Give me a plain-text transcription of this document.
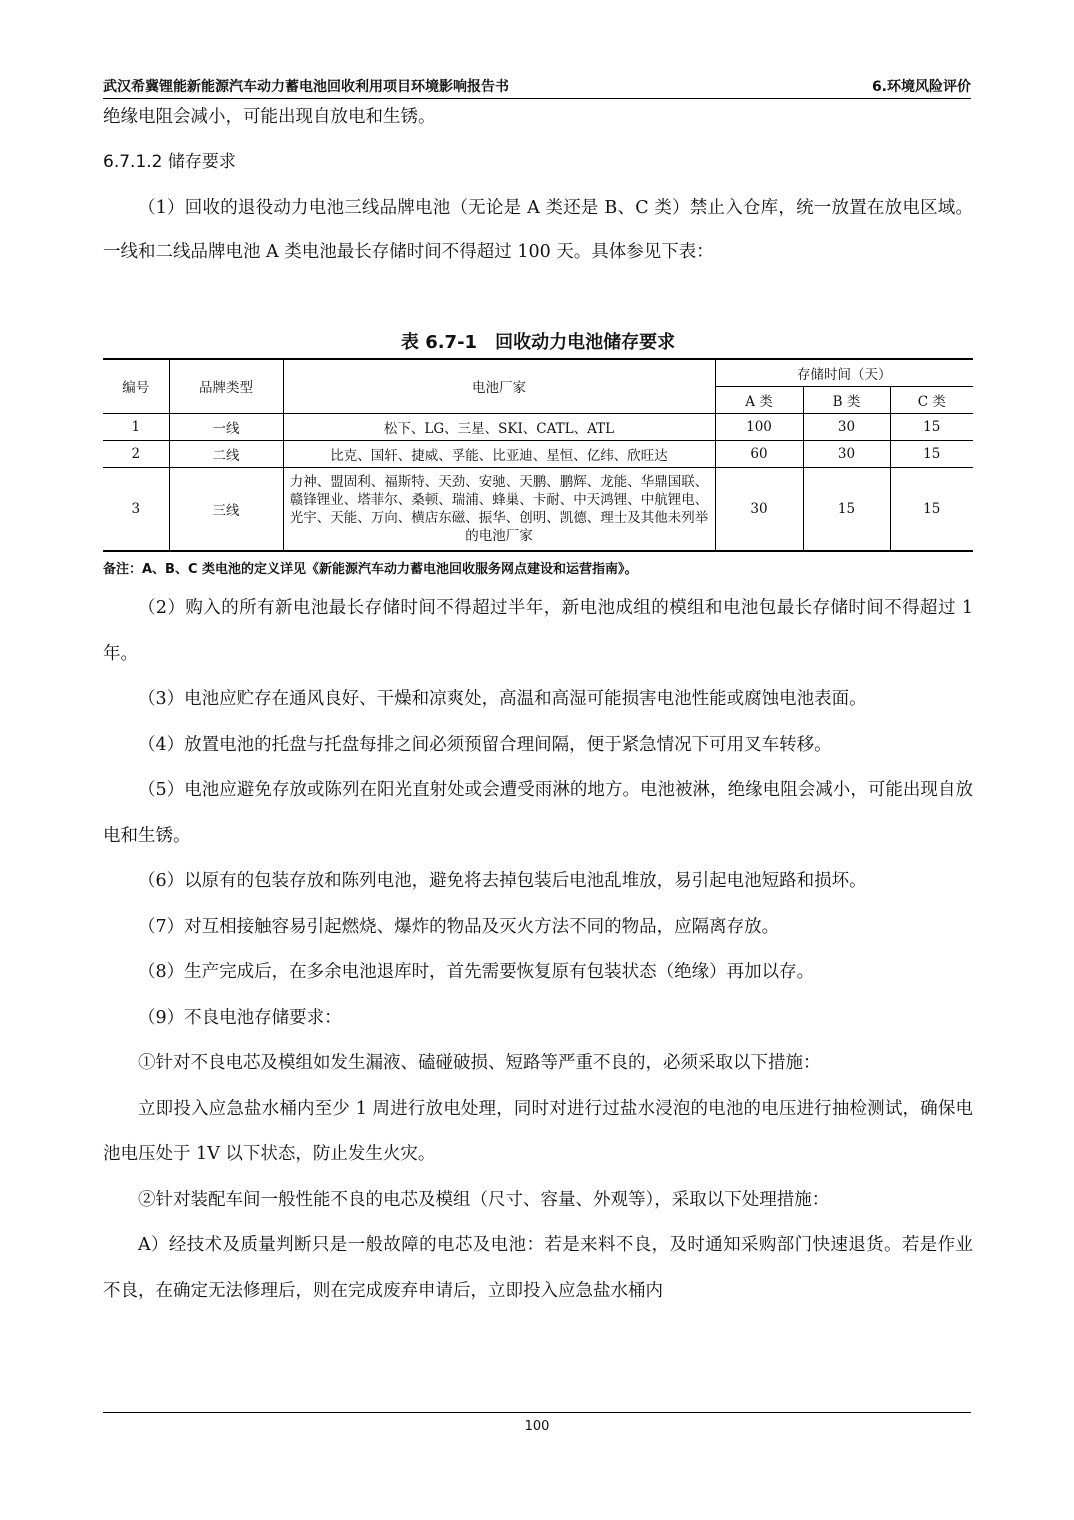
武汉希冀锂能新能源汽车动力蓄电池回收利用项目环境影响报告书	6.环境风险评价

绝缘电阻会减小，可能出现自放电和生锈。

6.7.1.2 储存要求

（1）回收的退役动力电池三线品牌电池（无论是 A 类还是 B、C 类）禁止入仓库，统一放置在放电区域。一线和二线品牌电池 A 类电池最长存储时间不得超过 100 天。具体参见下表：

表 6.7-1　回收动力电池储存要求
编号	品牌类型	电池厂家	存储时间（天）		
			A 类	B 类	C 类
1	一线	松下、LG、三星、SKI、CATL、ATL	100	30	15
2	二线	比克、国轩、捷威、孚能、比亚迪、星恒、亿纬、欣旺达	60	30	15
3	三线	力神、盟固利、福斯特、天劲、安驰、天鹏、鹏辉、龙能、华鼎国联、赣锋锂业、塔菲尔、桑顿、瑞浦、蜂巢、卡耐、中天鸿锂、中航锂电、光宇、天能、万向、横店东磁、振华、创明、凯德、理士及其他未列举的电池厂家	30	15	15
备注：A、B、C 类电池的定义详见《新能源汽车动力蓄电池回收服务网点建设和运营指南》。

（2）购入的所有新电池最长存储时间不得超过半年，新电池成组的模组和电池包最长存储时间不得超过 1 年。

（3）电池应贮存在通风良好、干燥和凉爽处，高温和高湿可能损害电池性能或腐蚀电池表面。

（4）放置电池的托盘与托盘每排之间必须预留合理间隔，便于紧急情况下可用叉车转移。

（5）电池应避免存放或陈列在阳光直射处或会遭受雨淋的地方。电池被淋，绝缘电阻会减小，可能出现自放电和生锈。

（6）以原有的包装存放和陈列电池，避免将去掉包装后电池乱堆放，易引起电池短路和损坏。

（7）对互相接触容易引起燃烧、爆炸的物品及灭火方法不同的物品，应隔离存放。

（8）生产完成后，在多余电池退库时，首先需要恢复原有包装状态（绝缘）再加以存。

（9）不良电池存储要求：

①针对不良电芯及模组如发生漏液、磕碰破损、短路等严重不良的，必须采取以下措施：

立即投入应急盐水桶内至少 1 周进行放电处理，同时对进行过盐水浸泡的电池的电压进行抽检测试，确保电池电压处于 1V 以下状态，防止发生火灾。

②针对装配车间一般性能不良的电芯及模组（尺寸、容量、外观等），采取以下处理措施：

A）经技术及质量判断只是一般故障的电芯及电池：若是来料不良，及时通知采购部门快速退货。若是作业不良，在确定无法修理后，则在完成废弃申请后，立即投入应急盐水桶内

100
